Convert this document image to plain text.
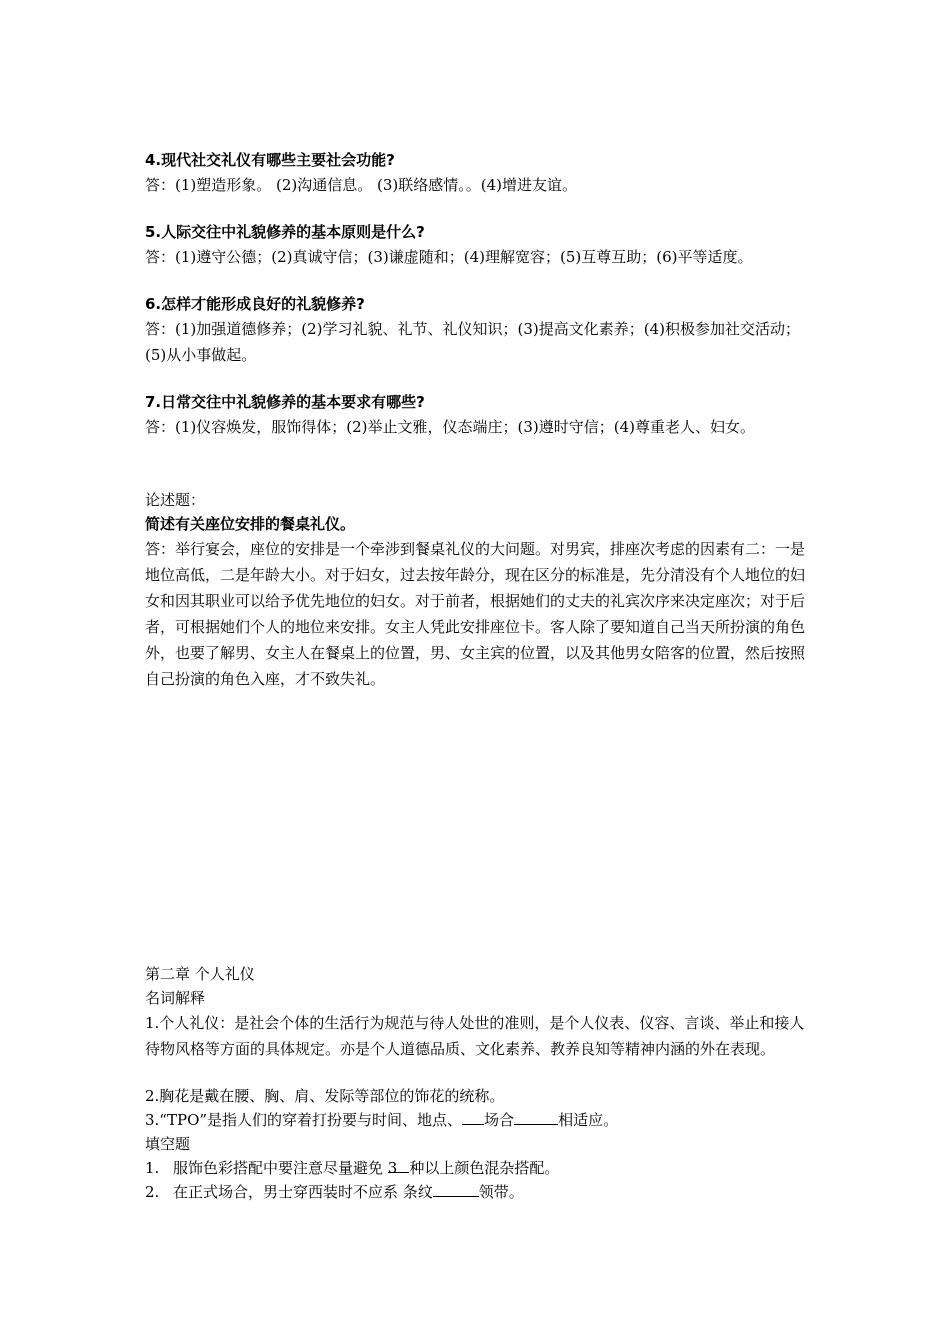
4.现代社交礼仪有哪些主要社会功能?
答：(1)塑造形象。 (2)沟通信息。 (3)联络感情。。(4)增进友谊。
5.人际交往中礼貌修养的基本原则是什么?
答：(1)遵守公德；(2)真诚守信；(3)谦虚随和；(4)理解宽容；(5)互尊互助；(6)平等适度。
6.怎样才能形成良好的礼貌修养?
答：(1)加强道德修养；(2)学习礼貌、礼节、礼仪知识；(3)提高文化素养；(4)积极参加社交活动；(5)从小事做起。
7.日常交往中礼貌修养的基本要求有哪些?
答：(1)仪容焕发，服饰得体；(2)举止文雅，仪态端庄；(3)遵时守信；(4)尊重老人、妇女。
论述题：
简述有关座位安排的餐桌礼仪。
答：举行宴会，座位的安排是一个牵涉到餐桌礼仪的大问题。对男宾，排座次考虑的因素有二：一是地位高低，二是年龄大小。对于妇女，过去按年龄分，现在区分的标准是，先分清没有个人地位的妇女和因其职业可以给予优先地位的妇女。对于前者，根据她们的丈夫的礼宾次序来决定座次；对于后者，可根据她们个人的地位来安排。女主人凭此安排座位卡。客人除了要知道自己当天所扮演的角色外，也要了解男、女主人在餐桌上的位置，男、女主宾的位置，以及其他男女陪客的位置，然后按照自己扮演的角色入座，才不致失礼。
第二章 个人礼仪
名词解释
1.个人礼仪：是社会个体的生活行为规范与待人处世的准则，是个人仪表、仪容、言谈、举止和接人待物风格等方面的具体规定。亦是个人道德品质、文化素养、教养良知等精神内涵的外在表现。
2.胸花是戴在腰、胸、肩、发际等部位的饰花的统称。
3.“TPO”是指人们的穿着打扮要与时间、地点、 场合	相适应。
填空题
1. 服饰色彩搭配中要注意尽量避免 3 种以上颜色混杂搭配。
2. 在正式场合，男士穿西装时不应系 条纹	领带。
